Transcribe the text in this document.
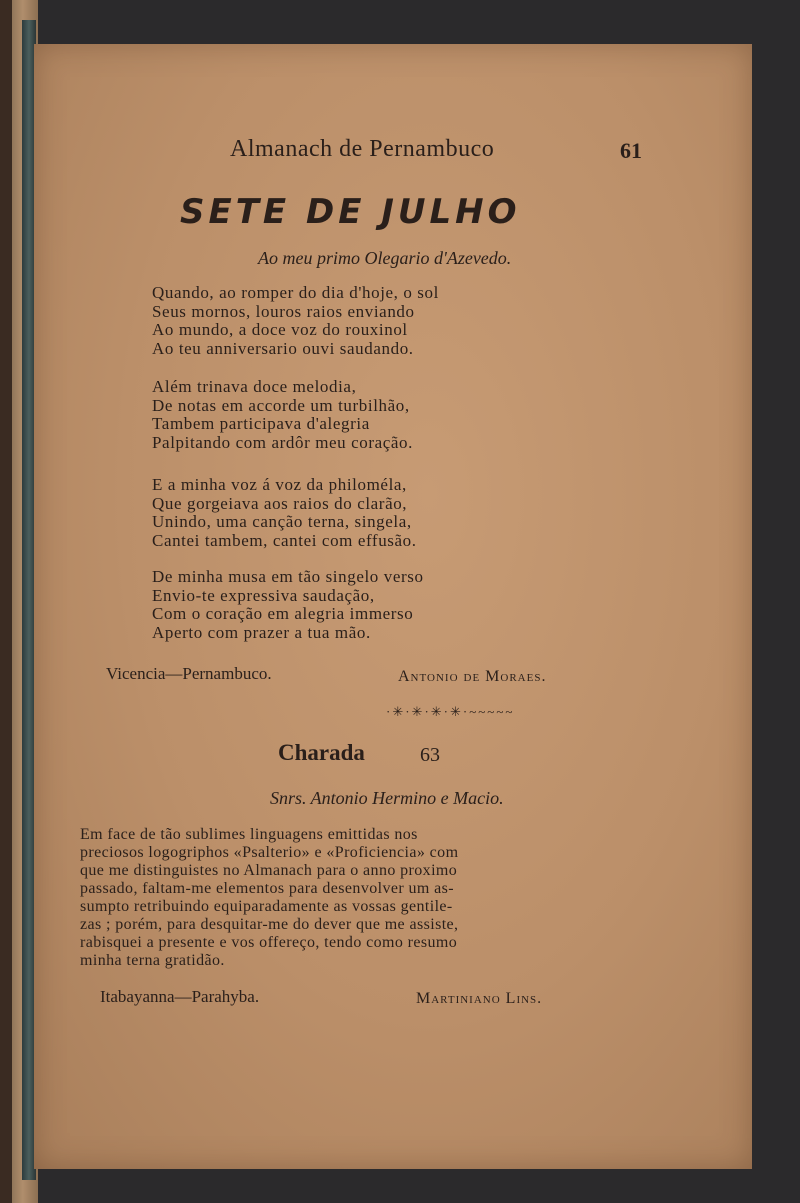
Almanach de Pernambuco	61
SETE DE JULHO
Ao meu primo Olegario d'Azevedo.
Quando, ao romper do dia d'hoje, o sol
Seus mornos, louros raios enviando
Ao mundo, a doce voz do rouxinol
Ao teu anniversario ouvi saudando.
Além trinava doce melodia,
De notas em accorde um turbilhão,
Tambem participava d'alegria
Palpitando com ardôr meu coração.
E a minha voz á voz da philoméla,
Que gorgeiava aos raios do clarão,
Unindo, uma canção terna, singela,
Cantei tambem, cantei com effusão.
De minha musa em tão singelo verso
Envio-te expressiva saudação,
Com o coração em alegria immerso
Aperto com prazer a tua mão.
Vicencia—Pernambuco.	Antonio de Moraes.
·✳·✳·✳·✳·~~~~~
Charada	63
Snrs. Antonio Hermino e Macio.
Em face de tão sublimes linguagens emittidas nos
preciosos logogriphos «Psalterio» e «Proficiencia» com
que me distinguistes no Almanach para o anno proximo
passado, faltam-me elementos para desenvolver um as-
sumpto retribuindo equiparadamente as vossas gentile-
zas ; porém, para desquitar-me do dever que me assiste,
rabisquei a presente e vos offereço, tendo como resumo
minha terna gratidão.
Itabayanna—Parahyba.	Martiniano Lins.
